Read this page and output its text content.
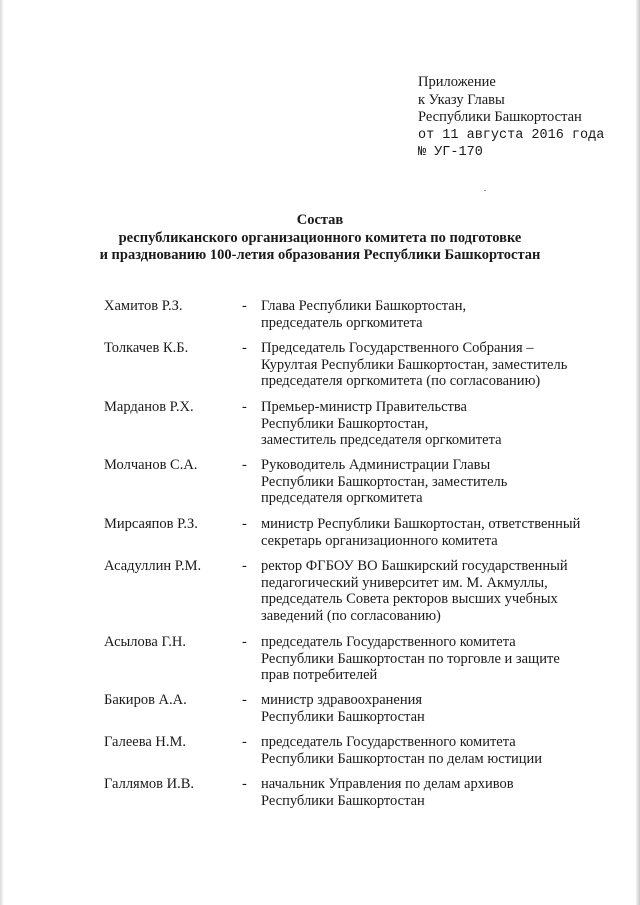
Приложение
к Указу Главы
Республики Башкортостан
от 11 августа 2016 года
№ УГ-170
Состав
республиканского организационного комитета по подготовке
и празднованию 100-летия образования Республики Башкортостан
Хамитов Р.З.	- Глава Республики Башкортостан,
председатель оргкомитета
Толкачев К.Б.	- Председатель Государственного Собрания –
Курултая Республики Башкортостан, заместитель
председателя оргкомитета (по согласованию)
Марданов Р.Х.	- Премьер-министр Правительства
Республики Башкортостан,
заместитель председателя оргкомитета
Молчанов С.А.	- Руководитель Администрации Главы
Республики Башкортостан, заместитель
председателя оргкомитета
Мирсаяпов Р.З.	- министр Республики Башкортостан, ответственный
секретарь организационного комитета
Асадуллин Р.М.	- ректор ФГБОУ ВО Башкирский государственный
педагогический университет им. М. Акмуллы,
председатель Совета ректоров высших учебных
заведений (по согласованию)
Асылова Г.Н.	- председатель Государственного комитета
Республики Башкортостан по торговле и защите
прав потребителей
Бакиров А.А.	- министр здравоохранения
Республики Башкортостан
Галеева Н.М.	- председатель Государственного комитета
Республики Башкортостан по делам юстиции
Галлямов И.В.	- начальник Управления по делам архивов
Республики Башкортостан
